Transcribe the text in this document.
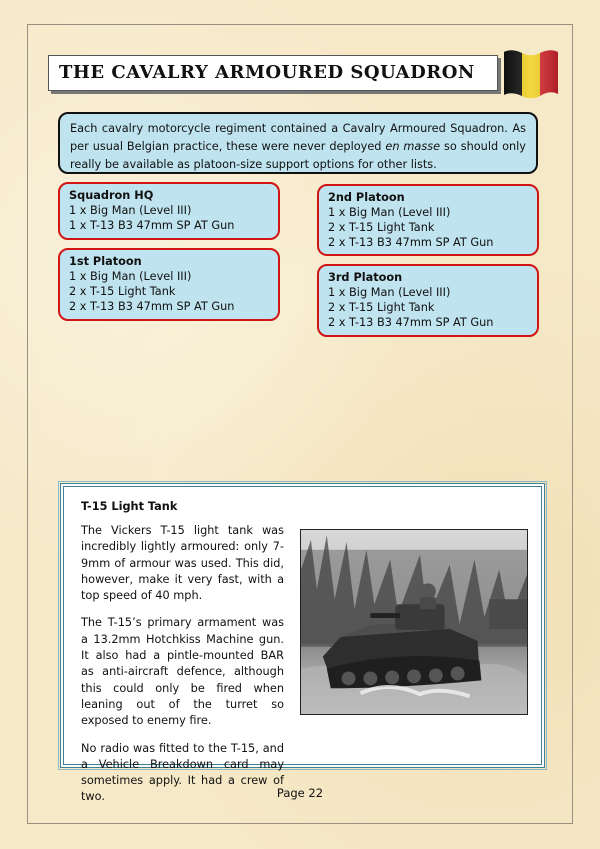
THE CAVALRY ARMOURED SQUADRON
Each cavalry motorcycle regiment contained a Cavalry Armoured Squadron. As per usual Belgian practice, these were never deployed en masse so should only really be available as platoon-size support options for other lists.
Squadron HQ
1 x Big Man (Level III)
1 x T-13 B3 47mm SP AT Gun
1st Platoon
1 x Big Man (Level III)
2 x T-15 Light Tank
2 x T-13 B3 47mm SP AT Gun
2nd Platoon
1 x Big Man (Level III)
2 x T-15 Light Tank
2 x T-13 B3 47mm SP AT Gun
3rd Platoon
1 x Big Man (Level III)
2 x T-15 Light Tank
2 x T-13 B3 47mm SP AT Gun
T-15 Light Tank

The Vickers T-15 light tank was incredibly lightly armoured: only 7-9mm of armour was used. This did, however, make it very fast, with a top speed of 40 mph.

The T-15’s primary armament was a 13.2mm Hotchkiss Machine gun. It also had a pintle-mounted BAR as anti-aircraft defence, although this could only be fired when leaning out of the turret so exposed to enemy fire.

No radio was fitted to the T-15, and a Vehicle Breakdown card may sometimes apply. It had a crew of two.	Page 22
